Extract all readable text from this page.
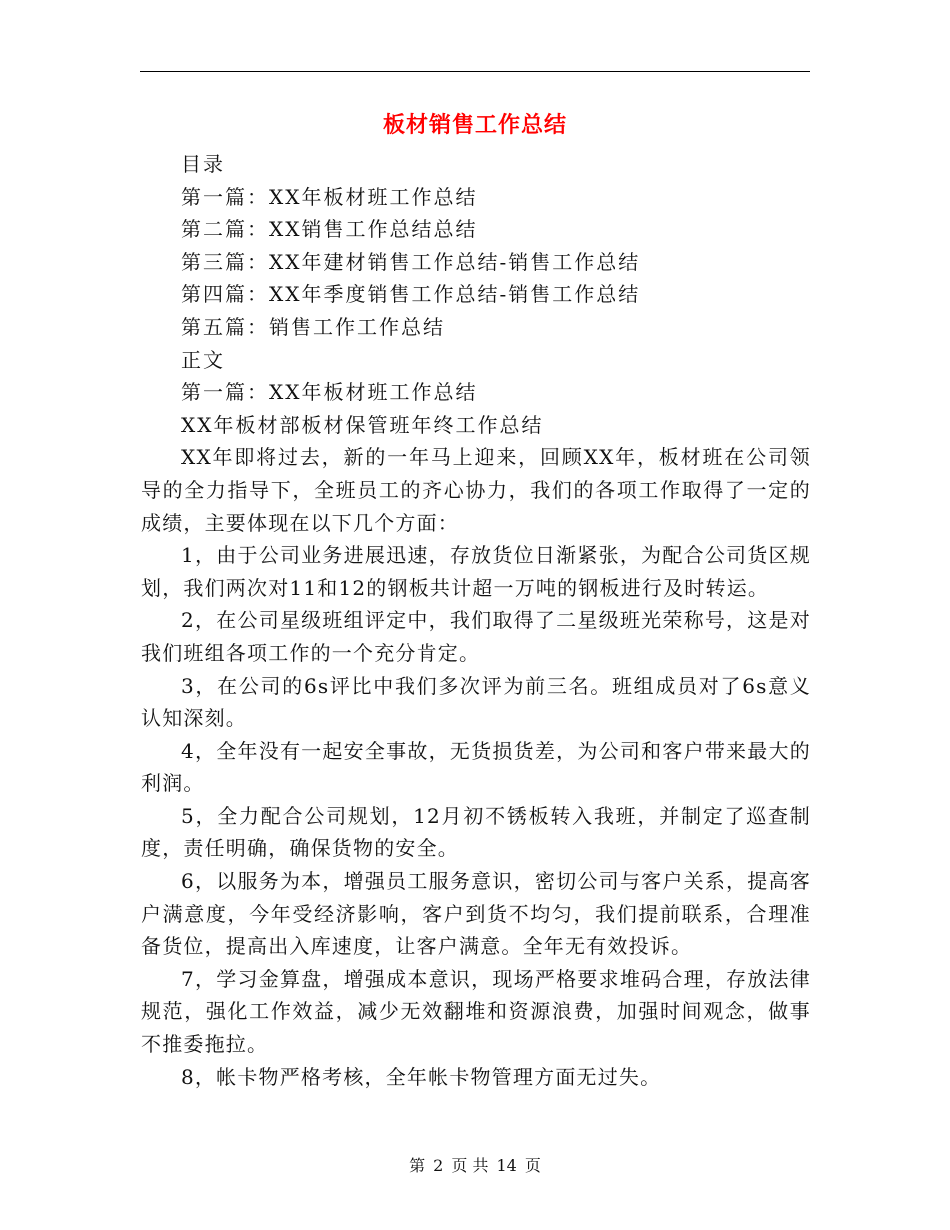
板材销售工作总结

目录

第一篇：XX年板材班工作总结

第二篇：XX销售工作总结总结

第三篇：XX年建材销售工作总结-销售工作总结

第四篇：XX年季度销售工作总结-销售工作总结

第五篇：销售工作工作总结

正文

第一篇：XX年板材班工作总结

XX年板材部板材保管班年终工作总结

XX年即将过去，新的一年马上迎来，回顾XX年，板材班在公司领导的全力指导下，全班员工的齐心协力，我们的各项工作取得了一定的成绩，主要体现在以下几个方面：

1，由于公司业务进展迅速，存放货位日渐紧张，为配合公司货区规划，我们两次对11和12的钢板共计超一万吨的钢板进行及时转运。

2，在公司星级班组评定中，我们取得了二星级班光荣称号，这是对我们班组各项工作的一个充分肯定。

3，在公司的6s评比中我们多次评为前三名。班组成员对了6s意义认知深刻。

4，全年没有一起安全事故，无货损货差，为公司和客户带来最大的利润。

5，全力配合公司规划，12月初不锈板转入我班，并制定了巡查制度，责任明确，确保货物的安全。

6，以服务为本，增强员工服务意识，密切公司与客户关系，提高客户满意度，今年受经济影响，客户到货不均匀，我们提前联系，合理准备货位，提高出入库速度，让客户满意。全年无有效投诉。

7，学习金算盘，增强成本意识，现场严格要求堆码合理，存放法律规范，强化工作效益，减少无效翻堆和资源浪费，加强时间观念，做事不推委拖拉。

8，帐卡物严格考核，全年帐卡物管理方面无过失。

第 2 页 共 14 页
